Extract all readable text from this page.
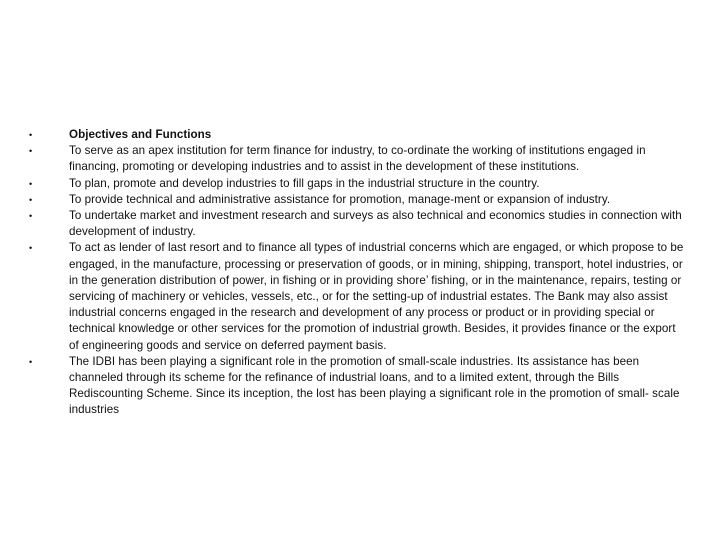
•	Objectives and Functions
•	To serve as an apex institution for term finance for industry, to co-ordinate the working of institutions engaged in financing, promoting or developing industries and to assist in the development of these institutions.
•	To plan, promote and develop industries to fill gaps in the industrial structure in the country.
•	To provide technical and administrative assistance for promotion, manage-ment or expansion of industry.
•	To undertake market and investment research and surveys as also technical and economics studies in connection with development of industry.
•	To act as lender of last resort and to finance all types of industrial concerns which are engaged, or which propose to be engaged, in the manufacture, processing or preservation of goods, or in mining, shipping, transport, hotel industries, or in the generation distribution of power, in fishing or in providing shore’ fishing, or in the maintenance, repairs, testing or servicing of machinery or vehicles, vessels, etc., or for the setting-up of industrial estates. The Bank may also assist industrial concerns engaged in the research and development of any process or product or in providing special or technical knowledge or other services for the promotion of industrial growth. Besides, it provides finance or the export of engineering goods and service on deferred payment basis.
•	The IDBI has been playing a significant role in the promotion of small-scale industries. Its assistance has been channeled through its scheme for the refinance of industrial loans, and to a limited extent, through the Bills Rediscounting Scheme. Since its inception, the lost has been playing a significant role in the promotion of small- scale industries
